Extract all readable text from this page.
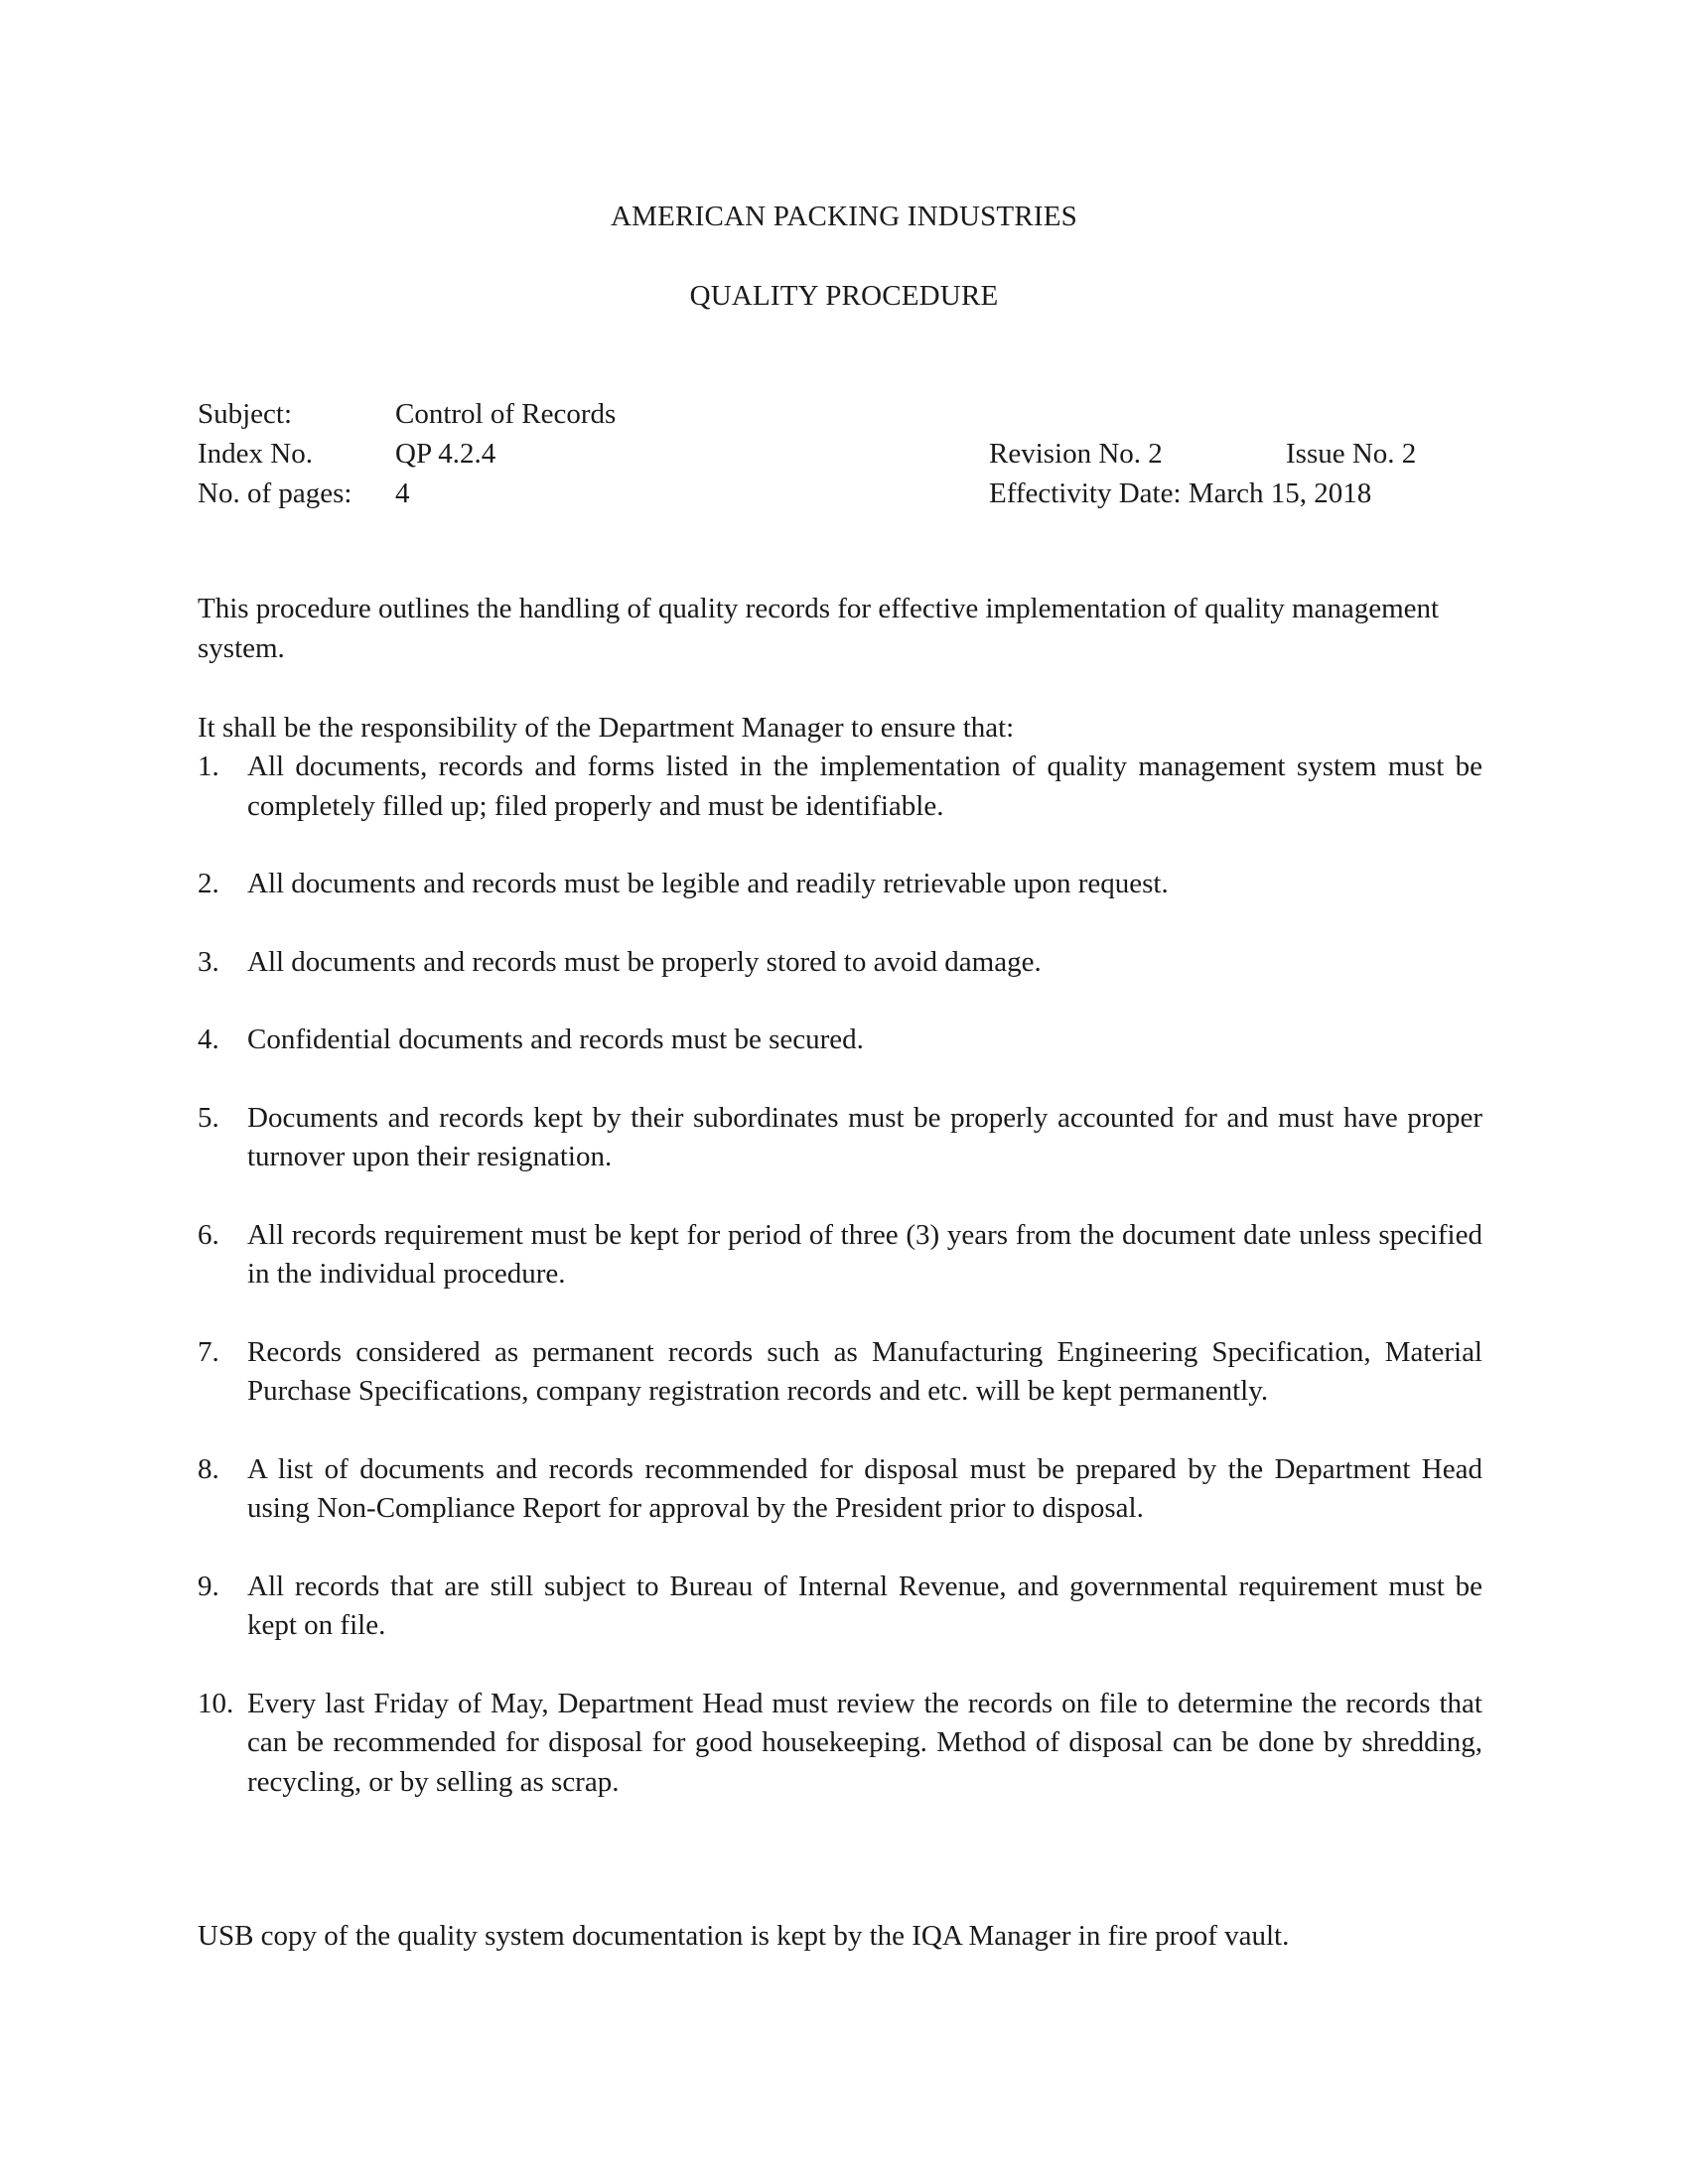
AMERICAN PACKING INDUSTRIES
QUALITY PROCEDURE
Subject:	Control of Records
Index No.	QP 4.2.4	Revision No. 2	Issue No. 2
No. of pages: 4	Effectivity Date: March 15, 2018

This procedure outlines the handling of quality records for effective implementation of quality management system.

It shall be the responsibility of the Department Manager to ensure that:

1. All documents, records and forms listed in the implementation of quality management system must be completely filled up; filed properly and must be identifiable.
2. All documents and records must be legible and readily retrievable upon request.
3. All documents and records must be properly stored to avoid damage.
4. Confidential documents and records must be secured.
5. Documents and records kept by their subordinates must be properly accounted for and must have proper turnover upon their resignation.
6. All records requirement must be kept for period of three (3) years from the document date unless specified in the individual procedure.
7. Records considered as permanent records such as Manufacturing Engineering Specification, Material Purchase Specifications, company registration records and etc. will be kept permanently.
8. A list of documents and records recommended for disposal must be prepared by the Department Head using Non-Compliance Report for approval by the President prior to disposal.
9. All records that are still subject to Bureau of Internal Revenue, and governmental requirement must be kept on file.
10. Every last Friday of May, Department Head must review the records on file to determine the records that can be recommended for disposal for good housekeeping. Method of disposal can be done by shredding, recycling, or by selling as scrap.

USB copy of the quality system documentation is kept by the IQA Manager in fire proof vault.
